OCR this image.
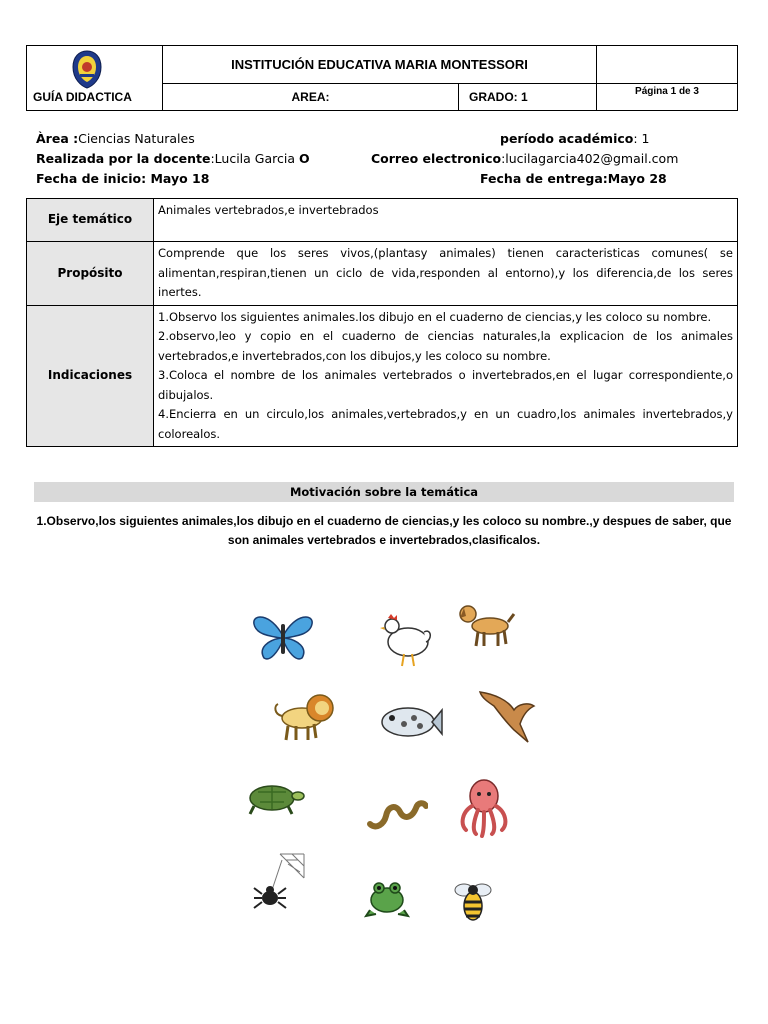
GUÍA DIDACTICA
INSTITUCIÓN EDUCATIVA MARIA MONTESSORI
AREA:	GRADO: 1	Página 1 de 3
Àrea :Ciencias Naturales	período académico: 1
Realizada por la docente:Lucila Garcia O	Correo electronico:lucilagarcia402@gmail.com
Fecha de inicio: Mayo 18	Fecha de entrega:Mayo 28
Eje temático	Animales vertebrados,e invertebrados
Propósito	Comprende que los seres vivos,(plantasy animales) tienen caracteristicas comunes( se alimentan,respiran,tienen un ciclo de vida,responden al entorno),y los diferencia,de los seres inertes.
Indicaciones	1.Observo los siguientes animales.los dibujo en el cuaderno de ciencias,y les coloco su nombre.
2.observo,leo y copio en el cuaderno de ciencias naturales,la explicacion de los animales vertebrados,e invertebrados,con los dibujos,y les coloco su nombre.
3.Coloca el nombre de los animales vertebrados o invertebrados,en el lugar correspondiente,o dibujalos.
4.Encierra en un circulo,los animales,vertebrados,y en un cuadro,los animales invertebrados,y colorealos.
Motivación sobre la temática
1.Observo,los siguientes animales,los dibujo en el cuaderno de ciencias,y les coloco su nombre.,y despues de saber, que son animales vertebrados e invertebrados,clasificalos.
